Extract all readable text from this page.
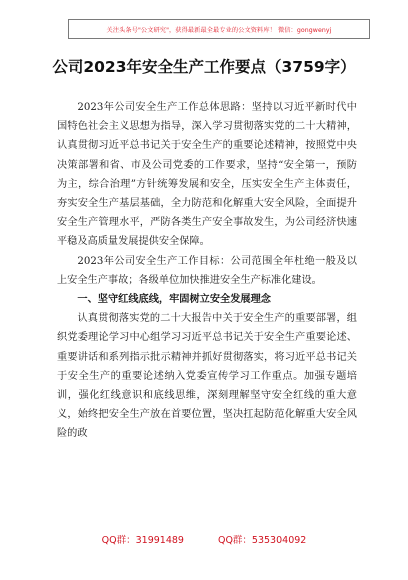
关注头条号"公文研究"，获得最新最全最专业的公文资料库！ 微信：gongwenyj
公司2023年安全生产工作要点（3759字）

2023年公司安全生产工作总体思路：坚持以习近平新时代中国特色社会主义思想为指导，深入学习贯彻落实党的二十大精神，认真贯彻习近平总书记关于安全生产的重要论述精神，按照党中央决策部署和省、市及公司党委的工作要求，坚持“安全第一，预防为主，综合治理”方针统筹发展和安全，压实安全生产主体责任，夯实安全生产基层基础，全力防范和化解重大安全风险，全面提升安全生产管理水平，严防各类生产安全事故发生，为公司经济快速平稳及高质量发展提供安全保障。

2023年公司安全生产工作目标：公司范围全年杜绝一般及以上安全生产事故；各级单位加快推进安全生产标准化建设。

一、坚守红线底线，牢固树立安全发展理念

认真贯彻落实党的二十大报告中关于安全生产的重要部署，组织党委理论学习中心组学习习近平总书记关于安全生产重要论述、重要讲话和系列指示批示精神并抓好贯彻落实，将习近平总书记关于安全生产的重要论述纳入党委宣传学习工作重点。加强专题培训，强化红线意识和底线思维，深刻理解坚守安全红线的重大意义，始终把安全生产放在首要位置，坚决扛起防范化解重大安全风险的政

QQ群：31991489	QQ群：535304092
